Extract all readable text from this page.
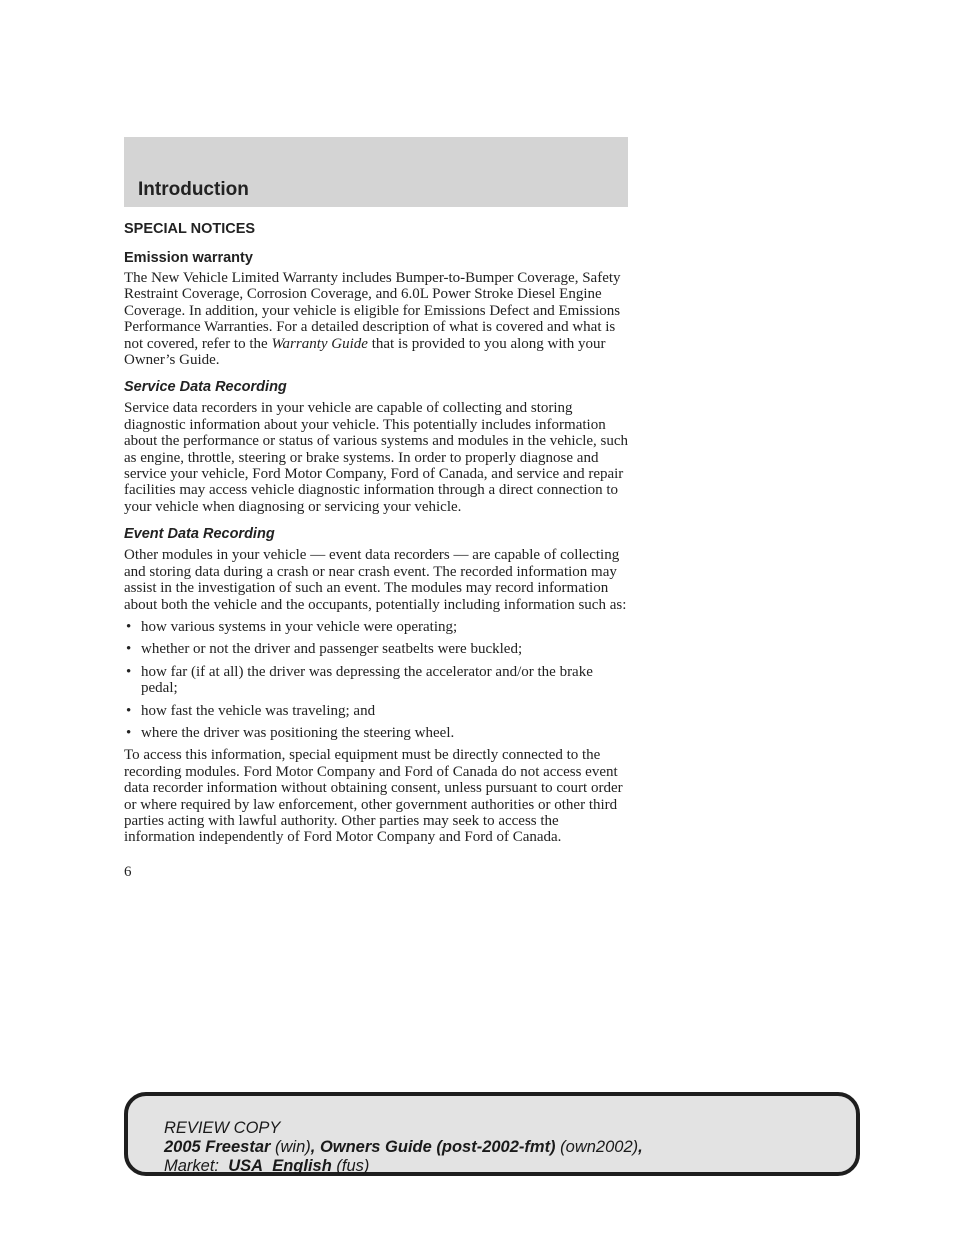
Introduction
SPECIAL NOTICES
Emission warranty

The New Vehicle Limited Warranty includes Bumper-to-Bumper Coverage, Safety Restraint Coverage, Corrosion Coverage, and 6.0L Power Stroke Diesel Engine Coverage. In addition, your vehicle is eligible for Emissions Defect and Emissions Performance Warranties. For a detailed description of what is covered and what is not covered, refer to the Warranty Guide that is provided to you along with your Owner’s Guide.

Service Data Recording

Service data recorders in your vehicle are capable of collecting and storing diagnostic information about your vehicle. This potentially includes information about the performance or status of various systems and modules in the vehicle, such as engine, throttle, steering or brake systems. In order to properly diagnose and service your vehicle, Ford Motor Company, Ford of Canada, and service and repair facilities may access vehicle diagnostic information through a direct connection to your vehicle when diagnosing or servicing your vehicle.

Event Data Recording

Other modules in your vehicle — event data recorders — are capable of collecting and storing data during a crash or near crash event. The recorded information may assist in the investigation of such an event. The modules may record information about both the vehicle and the occupants, potentially including information such as:

• how various systems in your vehicle were operating;
• whether or not the driver and passenger seatbelts were buckled;
• how far (if at all) the driver was depressing the accelerator and/or the brake pedal;
• how fast the vehicle was traveling; and
• where the driver was positioning the steering wheel.

To access this information, special equipment must be directly connected to the recording modules. Ford Motor Company and Ford of Canada do not access event data recorder information without obtaining consent, unless pursuant to court order or where required by law enforcement, other government authorities or other third parties acting with lawful authority. Other parties may seek to access the information independently of Ford Motor Company and Ford of Canada.

6
REVIEW COPY
2005 Freestar (win), Owners Guide (post-2002-fmt) (own2002),
Market: USA_English (fus)
